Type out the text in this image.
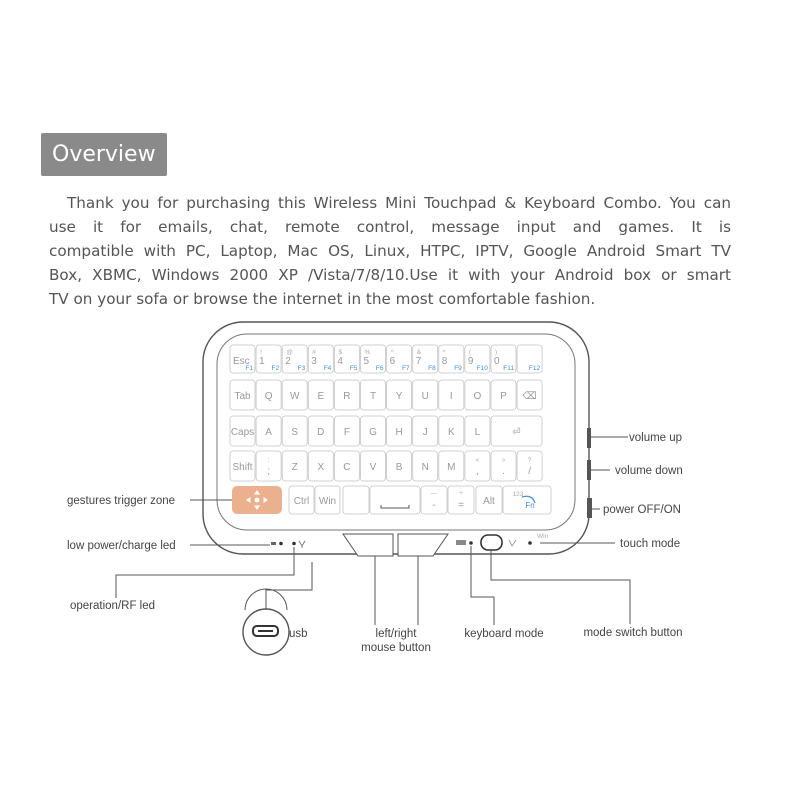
Overview

Thank you for purchasing this Wireless Mini Touchpad & Keyboard Combo. You can
use it for emails, chat, remote control, message input and games. It is
compatible with PC, Laptop, Mac OS, Linux, HTPC, IPTV, Google Android Smart TV
Box, XBMC, Windows 2000 XP /Vista/7/8/10.Use it with your Android box or smart
TV on your sofa or browse the internet in the most comfortable fashion.

Esc
F1
!
1
F2
@
2
F3
#
3
F4
$
4
F5
%
5
F6
^
6
F7
&
7
F8
*
8
F9
(
9
F10
)
0
F11 F12
Tab Q W E R T Y U I O P ⌫
Caps A S D F G H J K L	⏎
Shift
:
; Z X C V B N M
<
,
>
.
?
/
Ctrl Win
—
-
+
= Alt
123
Fn
Win
volume up
volume down
power OFF/ON
touch mode
gestures trigger zone
low power/charge led
operation/RF led
usb	left/right
mouse button
keyboard mode	mode switch button
